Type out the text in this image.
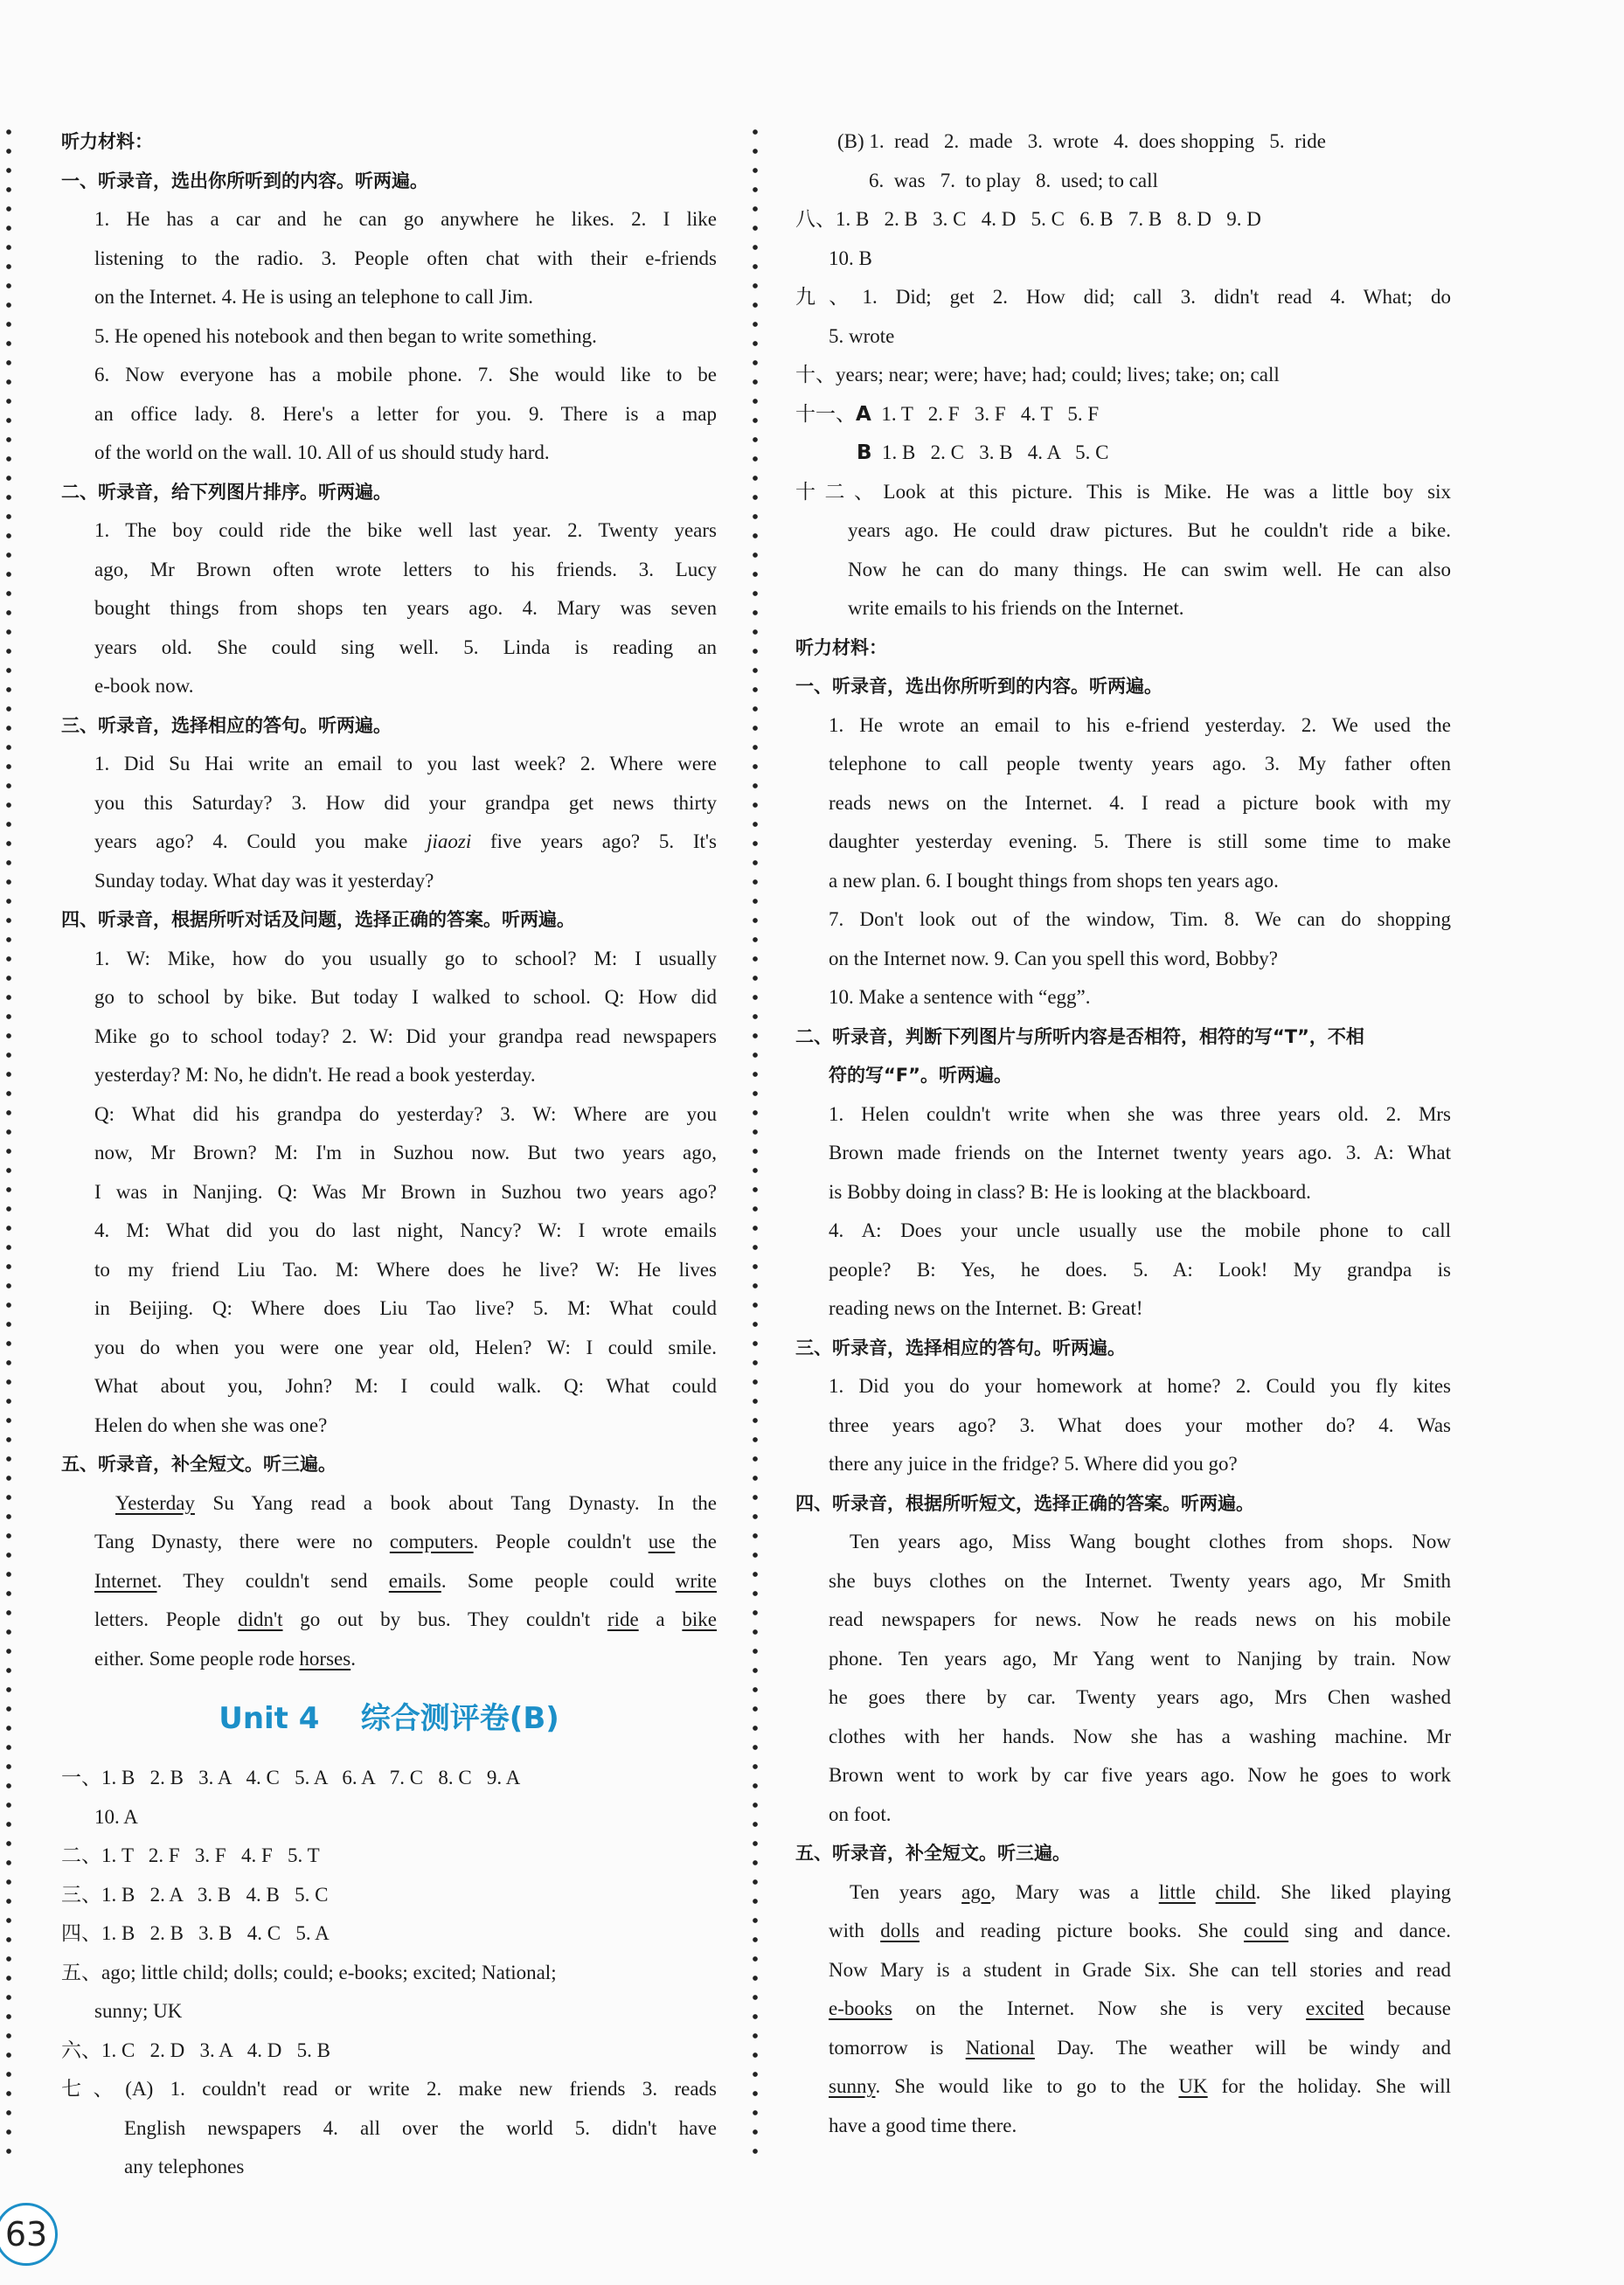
听力材料：
一、听录音，选出你所听到的内容。听两遍。
1. He has a car and he can go anywhere he likes. 2. I like
listening to the radio. 3. People often chat with their e-friends
on the Internet. 4. He is using an telephone to call Jim.
5. He opened his notebook and then began to write something.
6. Now everyone has a mobile phone. 7. She would like to be
an office lady. 8. Here's a letter for you. 9. There is a map
of the world on the wall. 10. All of us should study hard.
二、听录音，给下列图片排序。听两遍。
1. The boy could ride the bike well last year. 2. Twenty years
ago, Mr Brown often wrote letters to his friends. 3. Lucy
bought things from shops ten years ago. 4. Mary was seven
years old. She could sing well. 5. Linda is reading an
e-book now.
三、听录音，选择相应的答句。听两遍。
1. Did Su Hai write an email to you last week? 2. Where were
you this Saturday? 3. How did your grandpa get news thirty
years ago? 4. Could you make jiaozi five years ago? 5. It's
Sunday today. What day was it yesterday?
四、听录音，根据所听对话及问题，选择正确的答案。听两遍。
1. W: Mike, how do you usually go to school? M: I usually
go to school by bike. But today I walked to school. Q: How did
Mike go to school today? 2. W: Did your grandpa read newspapers
yesterday? M: No, he didn't. He read a book yesterday.
Q: What did his grandpa do yesterday? 3. W: Where are you
now, Mr Brown? M: I'm in Suzhou now. But two years ago,
I was in Nanjing. Q: Was Mr Brown in Suzhou two years ago?
4. M: What did you do last night, Nancy? W: I wrote emails
to my friend Liu Tao. M: Where does he live? W: He lives
in Beijing. Q: Where does Liu Tao live? 5. M: What could
you do when you were one year old, Helen? W: I could smile.
What about you, John? M: I could walk. Q: What could
Helen do when she was one?
五、听录音，补全短文。听三遍。
Yesterday Su Yang read a book about Tang Dynasty. In the
Tang Dynasty, there were no computers. People couldn't use the
Internet. They couldn't send emails. Some people could write
letters. People didn't go out by bus. They couldn't ride a bike
either. Some people rode horses.
Unit 4    综合测评卷(B)
一、1. B   2. B   3. A   4. C   5. A   6. A   7. C   8. C   9. A
10. A
二、1. T   2. F   3. F   4. F   5. T
三、1. B   2. A   3. B   4. B   5. C
四、1. B   2. B   3. B   4. C   5. A
五、ago; little child; dolls; could; e-books; excited; National;
sunny; UK
六、1. C   2. D   3. A   4. D   5. B
七、(A) 1. couldn't read or write 2. make new friends 3. reads
English newspapers 4. all over the world 5. didn't have
any telephones
(B) 1.  read   2.  made   3.  wrote   4.  does shopping   5.  ride
6.  was   7.  to play   8.  used; to call
八、1. B   2. B   3. C   4. D   5. C   6. B   7. B   8. D   9. D
10. B
九、1. Did; get 2. How did; call 3. didn't read 4. What; do
5. wrote
十、years; near; were; have; had; could; lives; take; on; call
十一、A  1. T   2. F   3. F   4. T   5. F
B  1. B   2. C   3. B   4. A   5. C
十二、Look at this picture. This is Mike. He was a little boy six
years ago. He could draw pictures. But he couldn't ride a bike.
Now he can do many things. He can swim well. He can also
write emails to his friends on the Internet.
听力材料：
一、听录音，选出你所听到的内容。听两遍。
1. He wrote an email to his e-friend yesterday. 2. We used the
telephone to call people twenty years ago. 3. My father often
reads news on the Internet. 4. I read a picture book with my
daughter yesterday evening. 5. There is still some time to make
a new plan. 6. I bought things from shops ten years ago.
7. Don't look out of the window, Tim. 8. We can do shopping
on the Internet now. 9. Can you spell this word, Bobby?
10. Make a sentence with “egg”.
二、听录音，判断下列图片与所听内容是否相符，相符的写“T”，不相
符的写“F”。听两遍。
1. Helen couldn't write when she was three years old. 2. Mrs
Brown made friends on the Internet twenty years ago. 3. A: What
is Bobby doing in class? B: He is looking at the blackboard.
4. A: Does your uncle usually use the mobile phone to call
people? B: Yes, he does. 5. A: Look! My grandpa is
reading news on the Internet. B: Great!
三、听录音，选择相应的答句。听两遍。
1. Did you do your homework at home? 2. Could you fly kites
three years ago? 3. What does your mother do? 4. Was
there any juice in the fridge? 5. Where did you go?
四、听录音，根据所听短文，选择正确的答案。听两遍。
Ten years ago, Miss Wang bought clothes from shops. Now
she buys clothes on the Internet. Twenty years ago, Mr Smith
read newspapers for news. Now he reads news on his mobile
phone. Ten years ago, Mr Yang went to Nanjing by train. Now
he goes there by car. Twenty years ago, Mrs Chen washed
clothes with her hands. Now she has a washing machine. Mr
Brown went to work by car five years ago. Now he goes to work
on foot.
五、听录音，补全短文。听三遍。
Ten years ago, Mary was a little child. She liked playing
with dolls and reading picture books. She could sing and dance.
Now Mary is a student in Grade Six. She can tell stories and read
e-books on the Internet. Now she is very excited because
tomorrow is National Day. The weather will be windy and
sunny. She would like to go to the UK for the holiday. She will
have a good time there.
63
